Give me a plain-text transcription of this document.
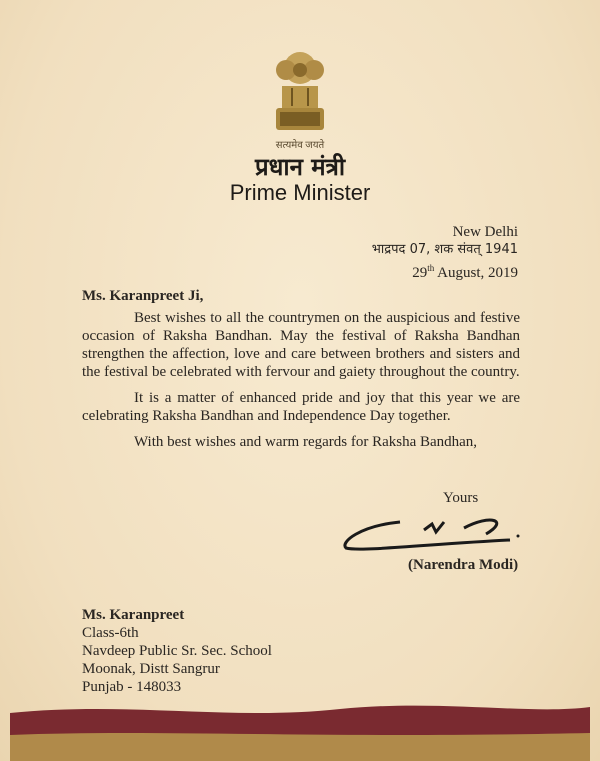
सत्यमेव जयते
प्रधान मंत्री
Prime Minister
New Delhi
भाद्रपद 07, शक संवत् 1941
29th August, 2019
Ms. Karanpreet Ji,

Best wishes to all the countrymen on the auspicious and festive occasion of Raksha Bandhan. May the festival of Raksha Bandhan strengthen the affection, love and care between brothers and sisters and the festival be celebrated with fervour and gaiety throughout the country.

It is a matter of enhanced pride and joy that this year we are celebrating Raksha Bandhan and Independence Day together.

With best wishes and warm regards for Raksha Bandhan,

Yours
(Narendra Modi)
Ms. Karanpreet
Class-6th
Navdeep Public Sr. Sec. School
Moonak, Distt Sangrur
Punjab - 148033
